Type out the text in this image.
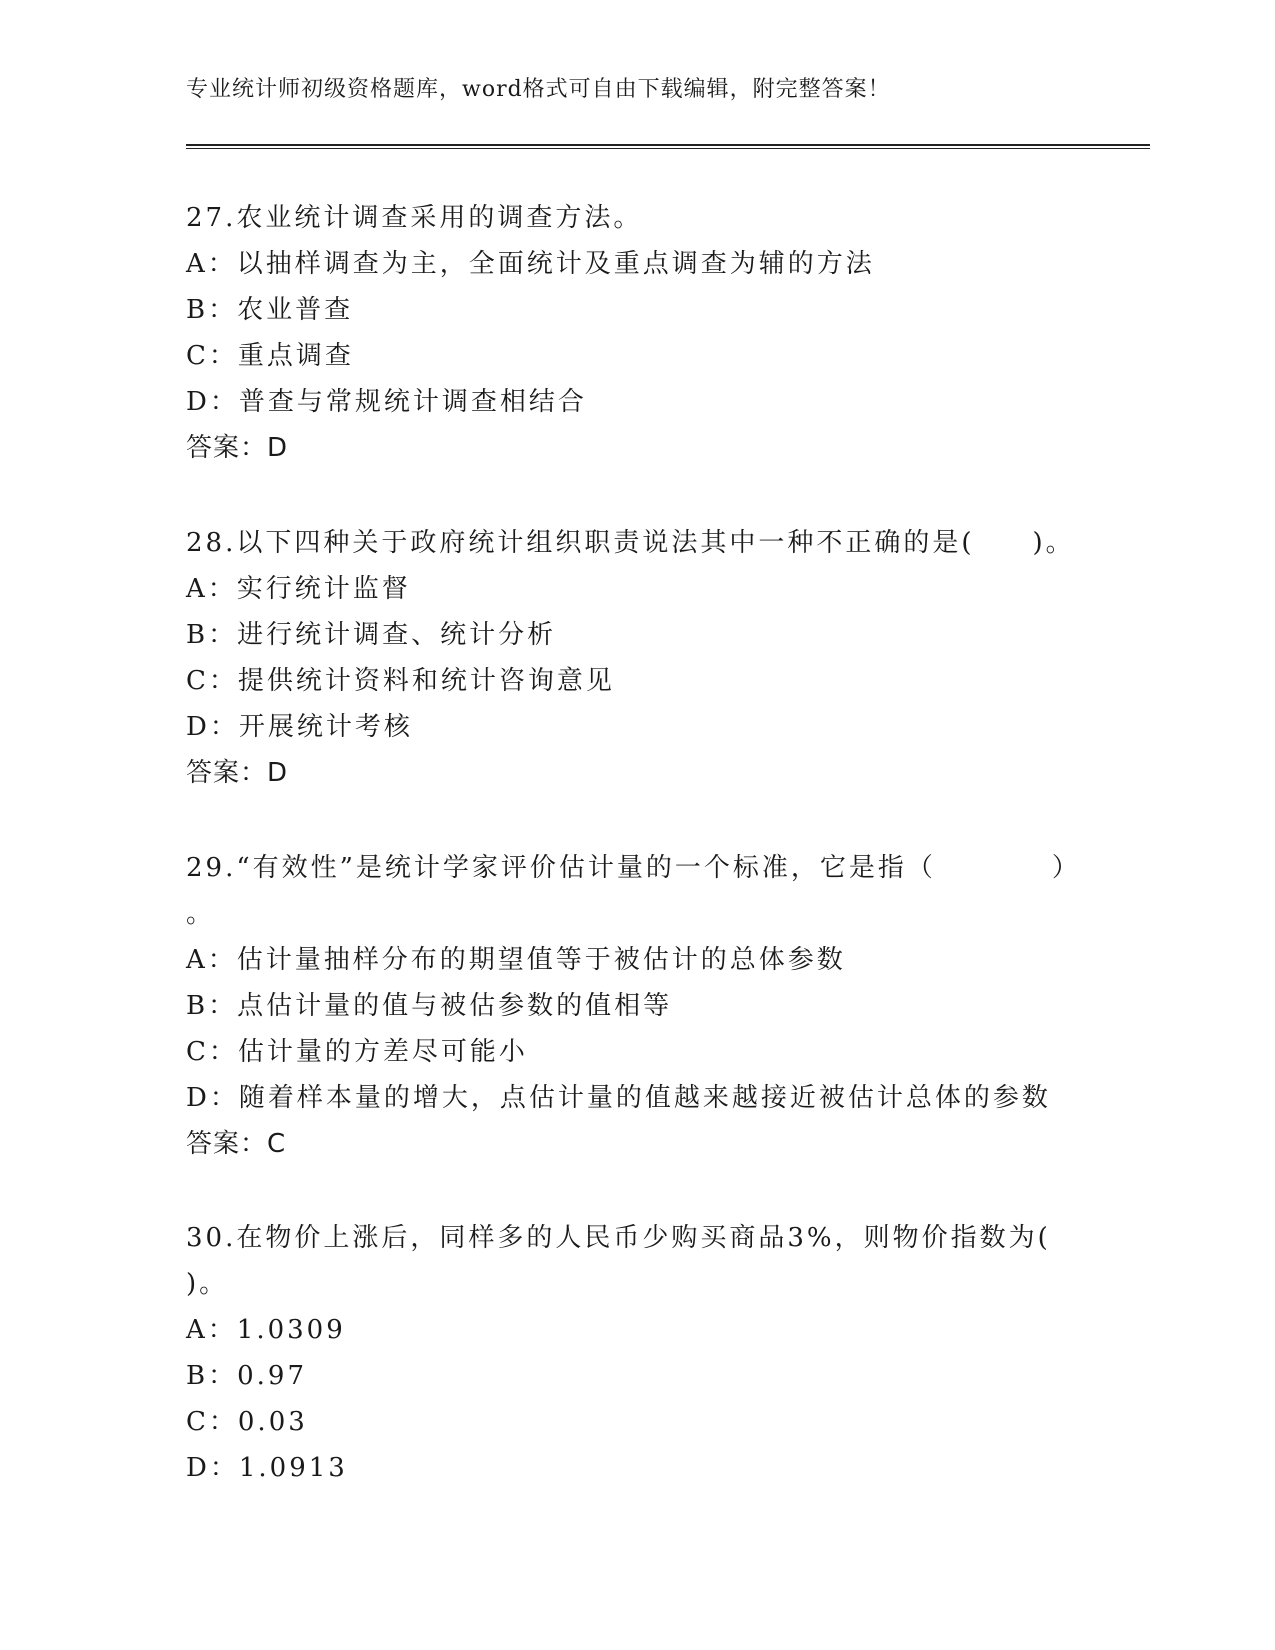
专业统计师初级资格题库，word格式可自由下载编辑，附完整答案！
27.农业统计调查采用的调查方法。
A：以抽样调查为主，全面统计及重点调查为辅的方法
B：农业普查
C：重点调查
D：普查与常规统计调查相结合
答案：D
28.以下四种关于政府统计组织职责说法其中一种不正确的是(　　)。
A：实行统计监督
B：进行统计调查、统计分析
C：提供统计资料和统计咨询意见
D：开展统计考核
答案：D
29.“有效性”是统计学家评价估计量的一个标准，它是指（　　　　）
。
A：估计量抽样分布的期望值等于被估计的总体参数
B：点估计量的值与被估参数的值相等
C：估计量的方差尽可能小
D：随着样本量的增大，点估计量的值越来越接近被估计总体的参数
答案：C
30.在物价上涨后，同样多的人民币少购买商品3%，则物价指数为(
)。
A：1.0309
B：0.97
C：0.03
D：1.0913
